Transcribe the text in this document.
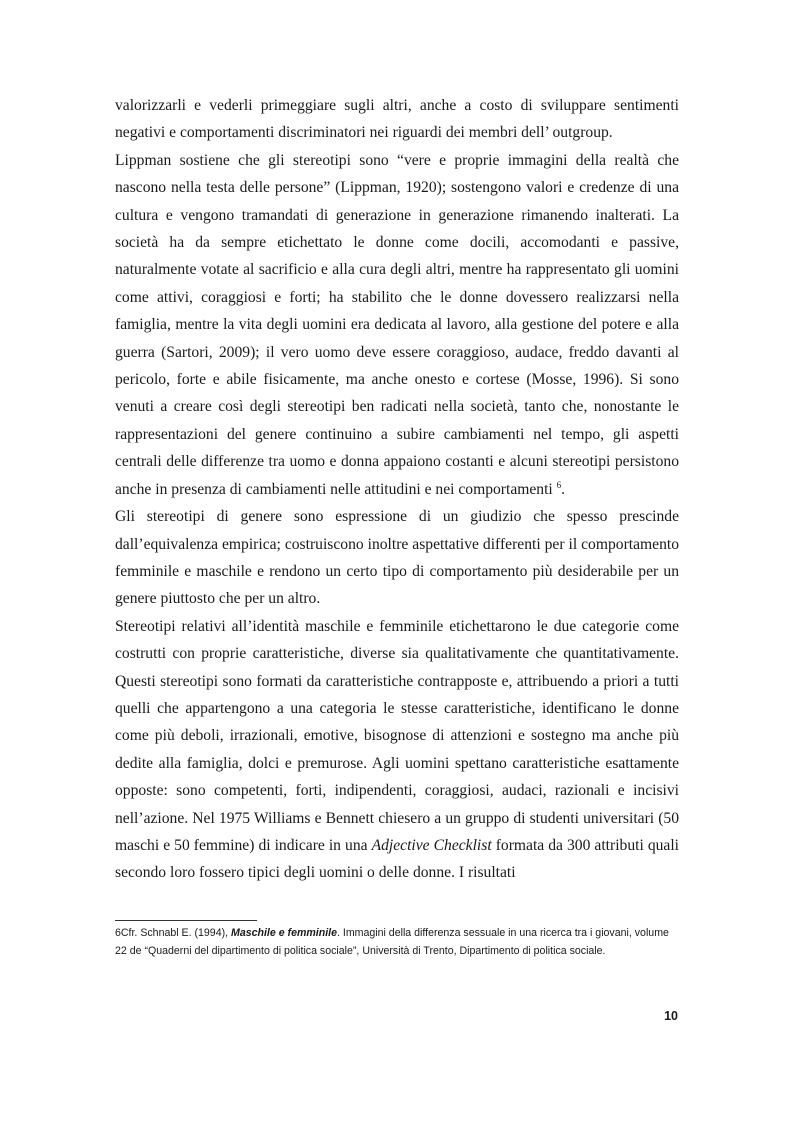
valorizzarli e vederli primeggiare sugli altri, anche a costo di sviluppare sentimenti negativi e comportamenti discriminatori nei riguardi dei membri dell’ outgroup.

Lippman sostiene che gli stereotipi sono “vere e proprie immagini della realtà che nascono nella testa delle persone” (Lippman, 1920); sostengono valori e credenze di una cultura e vengono tramandati di generazione in generazione rimanendo inalterati. La società ha da sempre etichettato le donne come docili, accomodanti e passive, naturalmente votate al sacrificio e alla cura degli altri, mentre ha rappresentato gli uomini come attivi, coraggiosi e forti; ha stabilito che le donne dovessero realizzarsi nella famiglia, mentre la vita degli uomini era dedicata al lavoro, alla gestione del potere e alla guerra (Sartori, 2009); il vero uomo deve essere coraggioso, audace, freddo davanti al pericolo, forte e abile fisicamente, ma anche onesto e cortese (Mosse, 1996). Si sono venuti a creare così degli stereotipi ben radicati nella società, tanto che, nonostante le rappresentazioni del genere continuino a subire cambiamenti nel tempo, gli aspetti centrali delle differenze tra uomo e donna appaiono costanti e alcuni stereotipi persistono anche in presenza di cambiamenti nelle attitudini e nei comportamenti $^6$.

Gli stereotipi di genere sono espressione di un giudizio che spesso prescinde dall’equivalenza empirica; costruiscono inoltre aspettative differenti per il comportamento femminile e maschile e rendono un certo tipo di comportamento più desiderabile per un genere piuttosto che per un altro.

Stereotipi relativi all’identità maschile e femminile etichettarono le due categorie come costrutti con proprie caratteristiche, diverse sia qualitativamente che quantitativamente. Questi stereotipi sono formati da caratteristiche contrapposte e, attribuendo a priori a tutti quelli che appartengono a una categoria le stesse caratteristiche, identificano le donne come più deboli, irrazionali, emotive, bisognose di attenzioni e sostegno ma anche più dedite alla famiglia, dolci e premurose. Agli uomini spettano caratteristiche esattamente opposte: sono competenti, forti, indipendenti, coraggiosi, audaci, razionali e incisivi nell’azione. Nel 1975 Williams e Bennett chiesero a un gruppo di studenti universitari (50 maschi e 50 femmine) di indicare in una Adjective Checklist formata da 300 attributi quali secondo loro fossero tipici degli uomini o delle donne. I risultati

6Cfr. Schnabl E. (1994), Maschile e femminile. Immagini della differenza sessuale in una ricerca tra i giovani, volume 22 de “Quaderni del dipartimento di politica sociale”, Università di Trento, Dipartimento di politica sociale.
10
